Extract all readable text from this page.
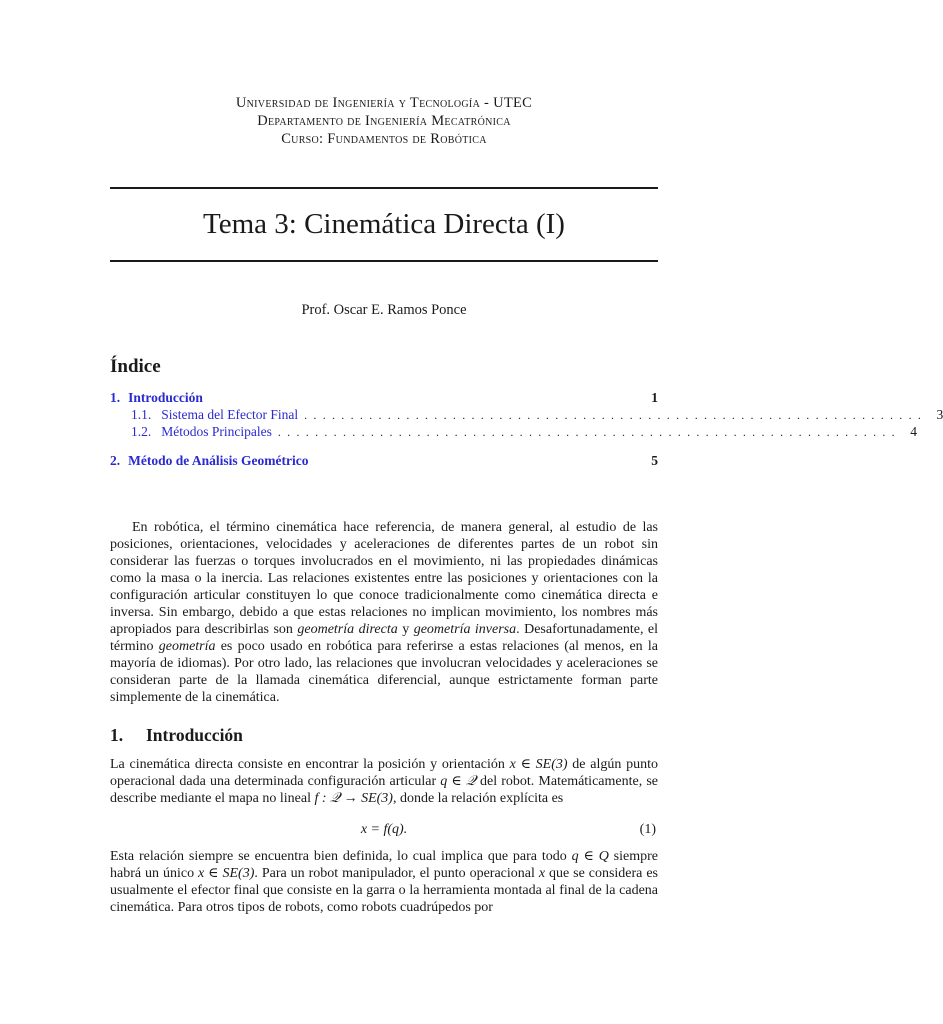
Universidad de Ingeniería y Tecnología - UTEC
Departamento de Ingeniería Mecatrónica
Curso: Fundamentos de Robótica
Tema 3: Cinemática Directa (I)
Prof. Oscar E. Ramos Ponce
Índice
1. Introducción	1
1.1. Sistema del Efector Final ................................................................... 3
1.2. Métodos Principales ................................................................... 4
2. Método de Análisis Geométrico	5

En robótica, el término cinemática hace referencia, de manera general, al estudio de las posiciones, orientaciones, velocidades y aceleraciones de diferentes partes de un robot sin considerar las fuerzas o torques involucrados en el movimiento, ni las propiedades dinámicas como la masa o la inercia. Las relaciones existentes entre las posiciones y orientaciones con la configuración articular constituyen lo que conoce tradicionalmente como cinemática directa e inversa. Sin embargo, debido a que estas relaciones no implican movimiento, los nombres más apropiados para describirlas son geometría directa y geometría inversa. Desafortunadamente, el término geometría es poco usado en robótica para referirse a estas relaciones (al menos, en la mayoría de idiomas). Por otro lado, las relaciones que involucran velocidades y aceleraciones se consideran parte de la llamada cinemática diferencial, aunque estrictamente forman parte simplemente de la cinemática.

1. Introducción

La cinemática directa consiste en encontrar la posición y orientación x ∈ SE(3) de algún punto operacional dada una determinada configuración articular q ∈ 𝒬 del robot. Matemáticamente, se describe mediante el mapa no lineal f : 𝒬 → SE(3), donde la relación explícita es

x = f(q).	(1)

Esta relación siempre se encuentra bien definida, lo cual implica que para todo q ∈ Q siempre habrá un único x ∈ SE(3). Para un robot manipulador, el punto operacional x que se considera es usualmente el efector final que consiste en la garra o la herramienta montada al final de la cadena cinemática. Para otros tipos de robots, como robots cuadrúpedos por
